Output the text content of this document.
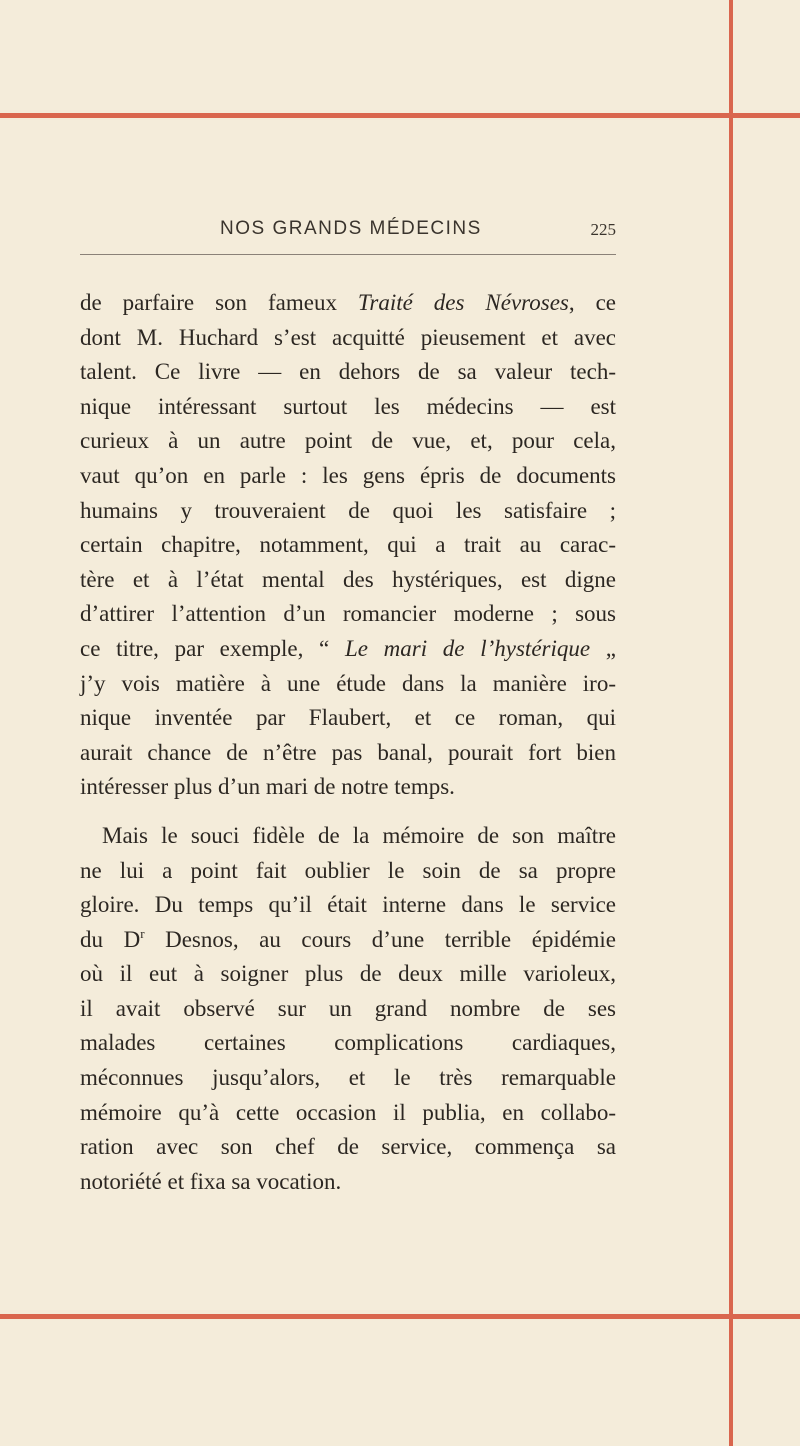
NOS GRANDS MÉDECINS	225
de parfaire son fameux Traité des Névroses, ce
dont M. Huchard s’est acquitté pieusement et avec
talent. Ce livre — en dehors de sa valeur tech-
nique intéressant surtout les médecins — est
curieux à un autre point de vue, et, pour cela,
vaut qu’on en parle : les gens épris de documents
humains y trouveraient de quoi les satisfaire ;
certain chapitre, notamment, qui a trait au carac-
tère et à l’état mental des hystériques, est digne
d’attirer l’attention d’un romancier moderne ; sous
ce titre, par exemple, “ Le mari de l’hystérique „
j’y vois matière à une étude dans la manière iro-
nique inventée par Flaubert, et ce roman, qui
aurait chance de n’être pas banal, pourait fort bien
intéresser plus d’un mari de notre temps.
Mais le souci fidèle de la mémoire de son maître
ne lui a point fait oublier le soin de sa propre
gloire. Du temps qu’il était interne dans le service
du $D^r$ Desnos, au cours d’une terrible épidémie
où il eut à soigner plus de deux mille varioleux,
il avait observé sur un grand nombre de ses
malades certaines complications cardiaques,
méconnues jusqu’alors, et le très remarquable
mémoire qu’à cette occasion il publia, en collabo-
ration avec son chef de service, commença sa
notoriété et fixa sa vocation.
